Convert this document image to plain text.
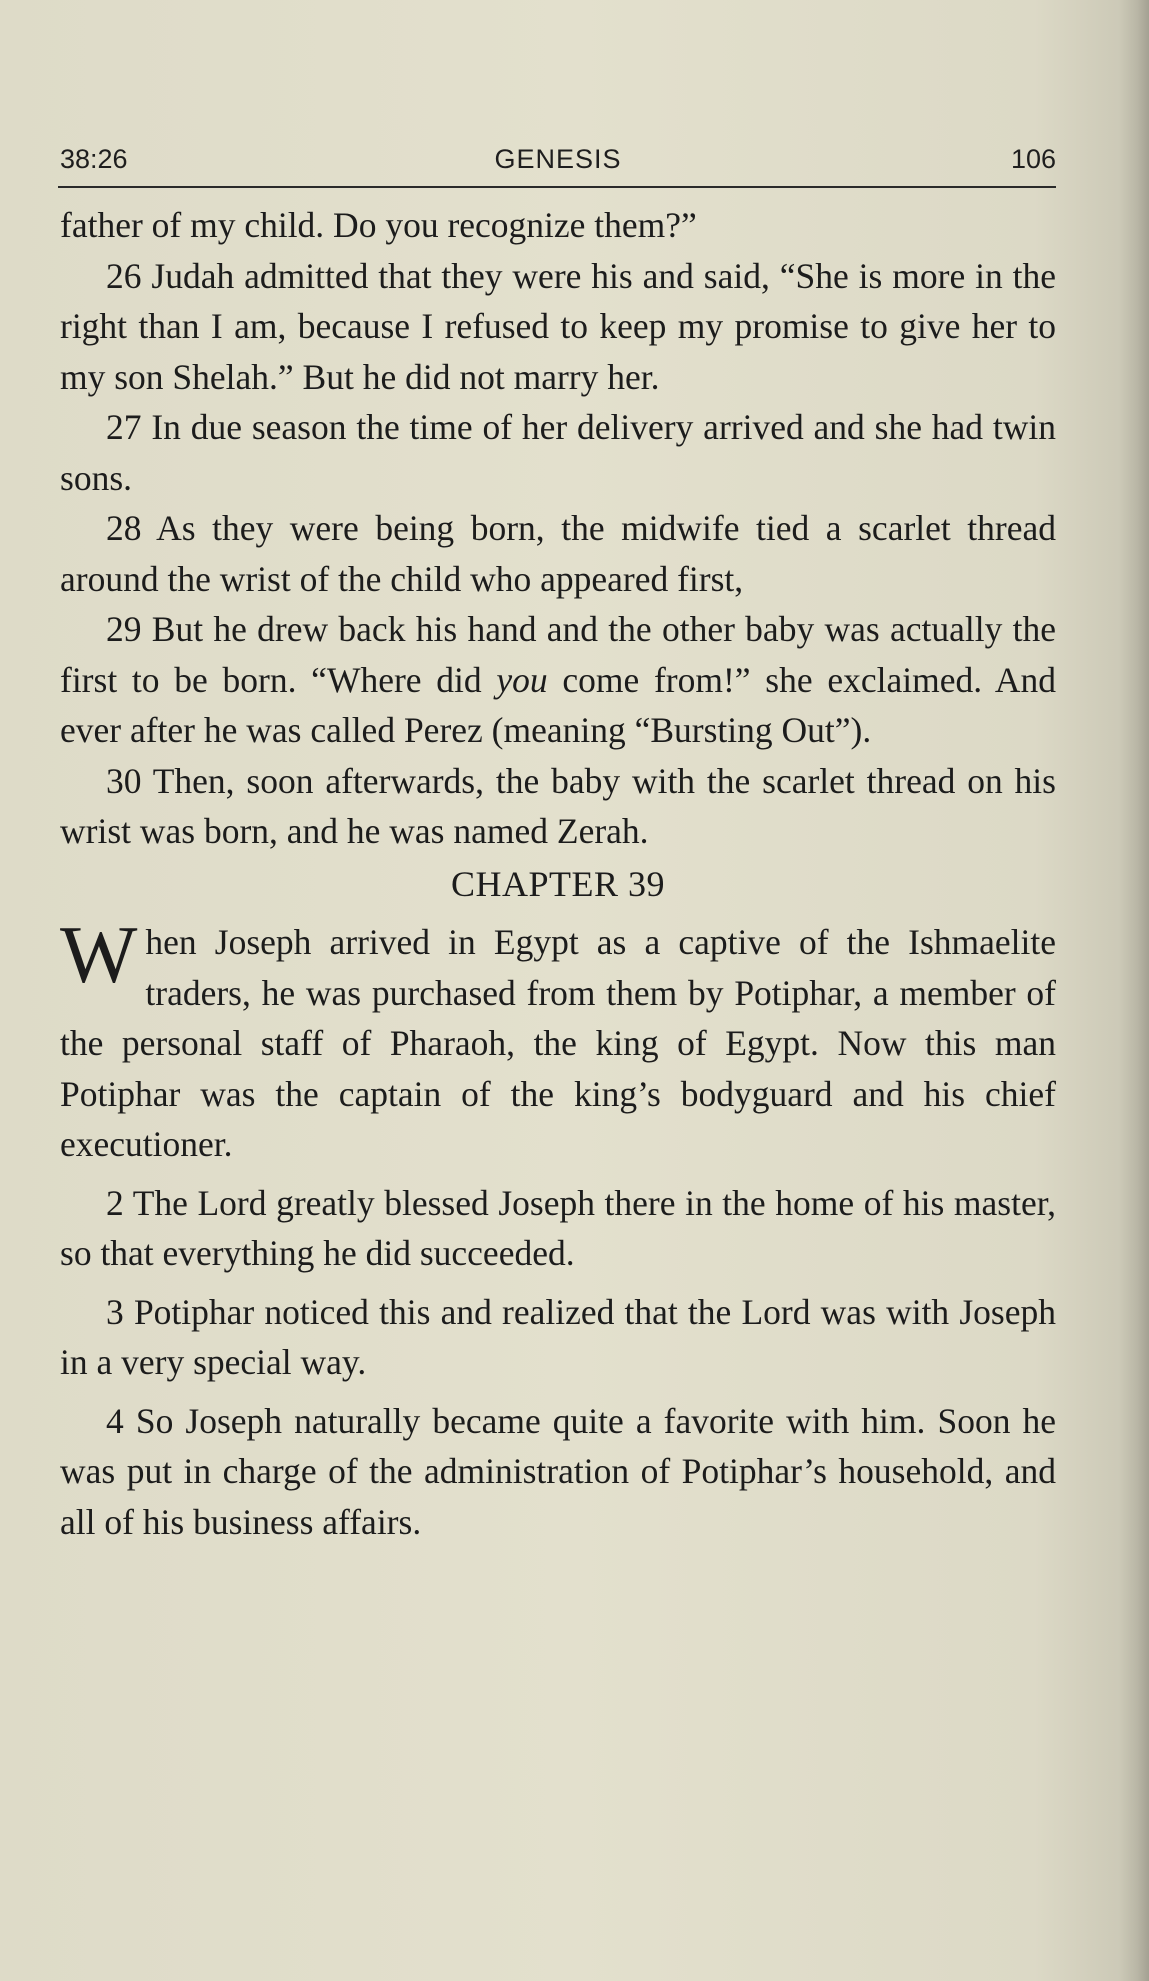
38:26	GENESIS	106

father of my child. Do you recognize them?”

26 Judah admitted that they were his and said, “She is more in the right than I am, because I refused to keep my promise to give her to my son Shelah.” But he did not marry her.

27 In due season the time of her delivery arrived and she had twin sons.

28 As they were being born, the midwife tied a scarlet thread around the wrist of the child who appeared first,

29 But he drew back his hand and the other baby was actually the first to be born. “Where did you come from!” she exclaimed. And ever after he was called Perez (meaning “Bursting Out”).

30 Then, soon afterwards, the baby with the scarlet thread on his wrist was born, and he was named Zerah.

CHAPTER 39

When Joseph arrived in Egypt as a captive of the Ishmaelite traders, he was purchased from them by Potiphar, a member of the personal staff of Pharaoh, the king of Egypt. Now this man Potiphar was the captain of the king’s bodyguard and his chief executioner.

2 The Lord greatly blessed Joseph there in the home of his master, so that everything he did succeeded.

3 Potiphar noticed this and realized that the Lord was with Joseph in a very special way.

4 So Joseph naturally became quite a favorite with him. Soon he was put in charge of the administration of Potiphar’s household, and all of his business affairs.
